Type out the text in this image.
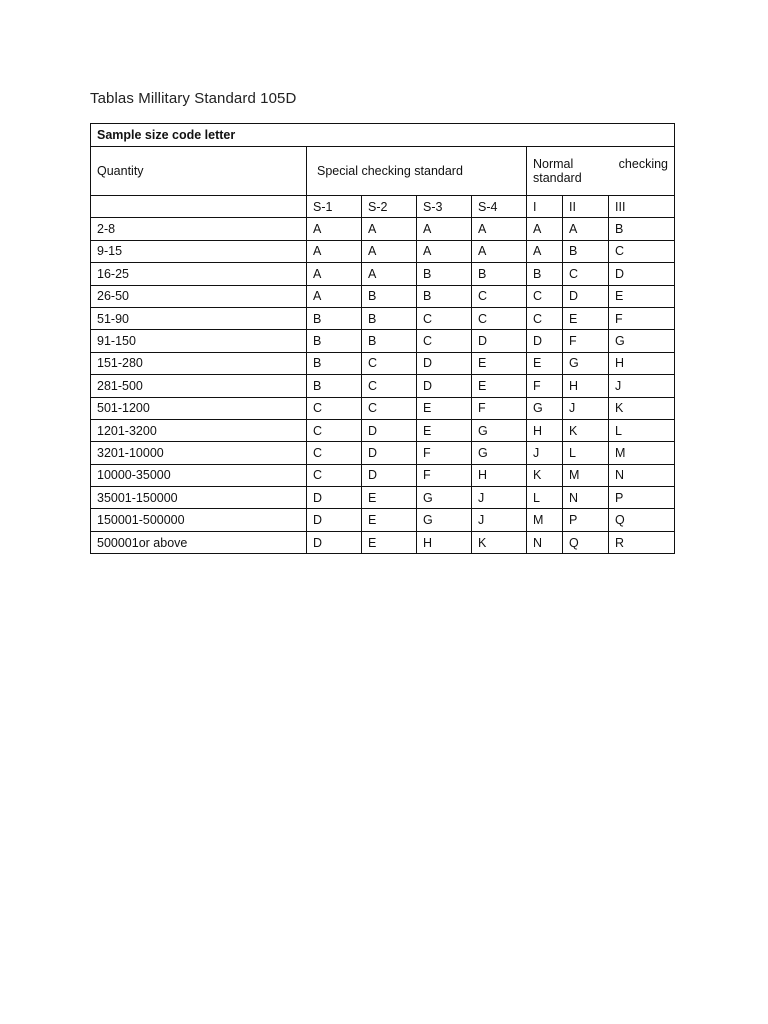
Tablas Millitary Standard 105D
Sample size code letter							
Quantity	Special checking standard				Normal checking
standard		

	S-1	S-2	S-3	S-4	I	II	III
2-8	A	A	A	A	A	A	B
9-15	A	A	A	A	A	B	C
16-25	A	A	B	B	B	C	D
26-50	A	B	B	C	C	D	E
51-90	B	B	C	C	C	E	F
91-150	B	B	C	D	D	F	G
151-280	B	C	D	E	E	G	H
281-500	B	C	D	E	F	H	J
501-1200	C	C	E	F	G	J	K
1201-3200	C	D	E	G	H	K	L
3201-10000	C	D	F	G	J	L	M
10000-35000	C	D	F	H	K	M	N
35001-150000	D	E	G	J	L	N	P
150001-500000	D	E	G	J	M	P	Q
500001or above	D	E	H	K	N	Q	R
